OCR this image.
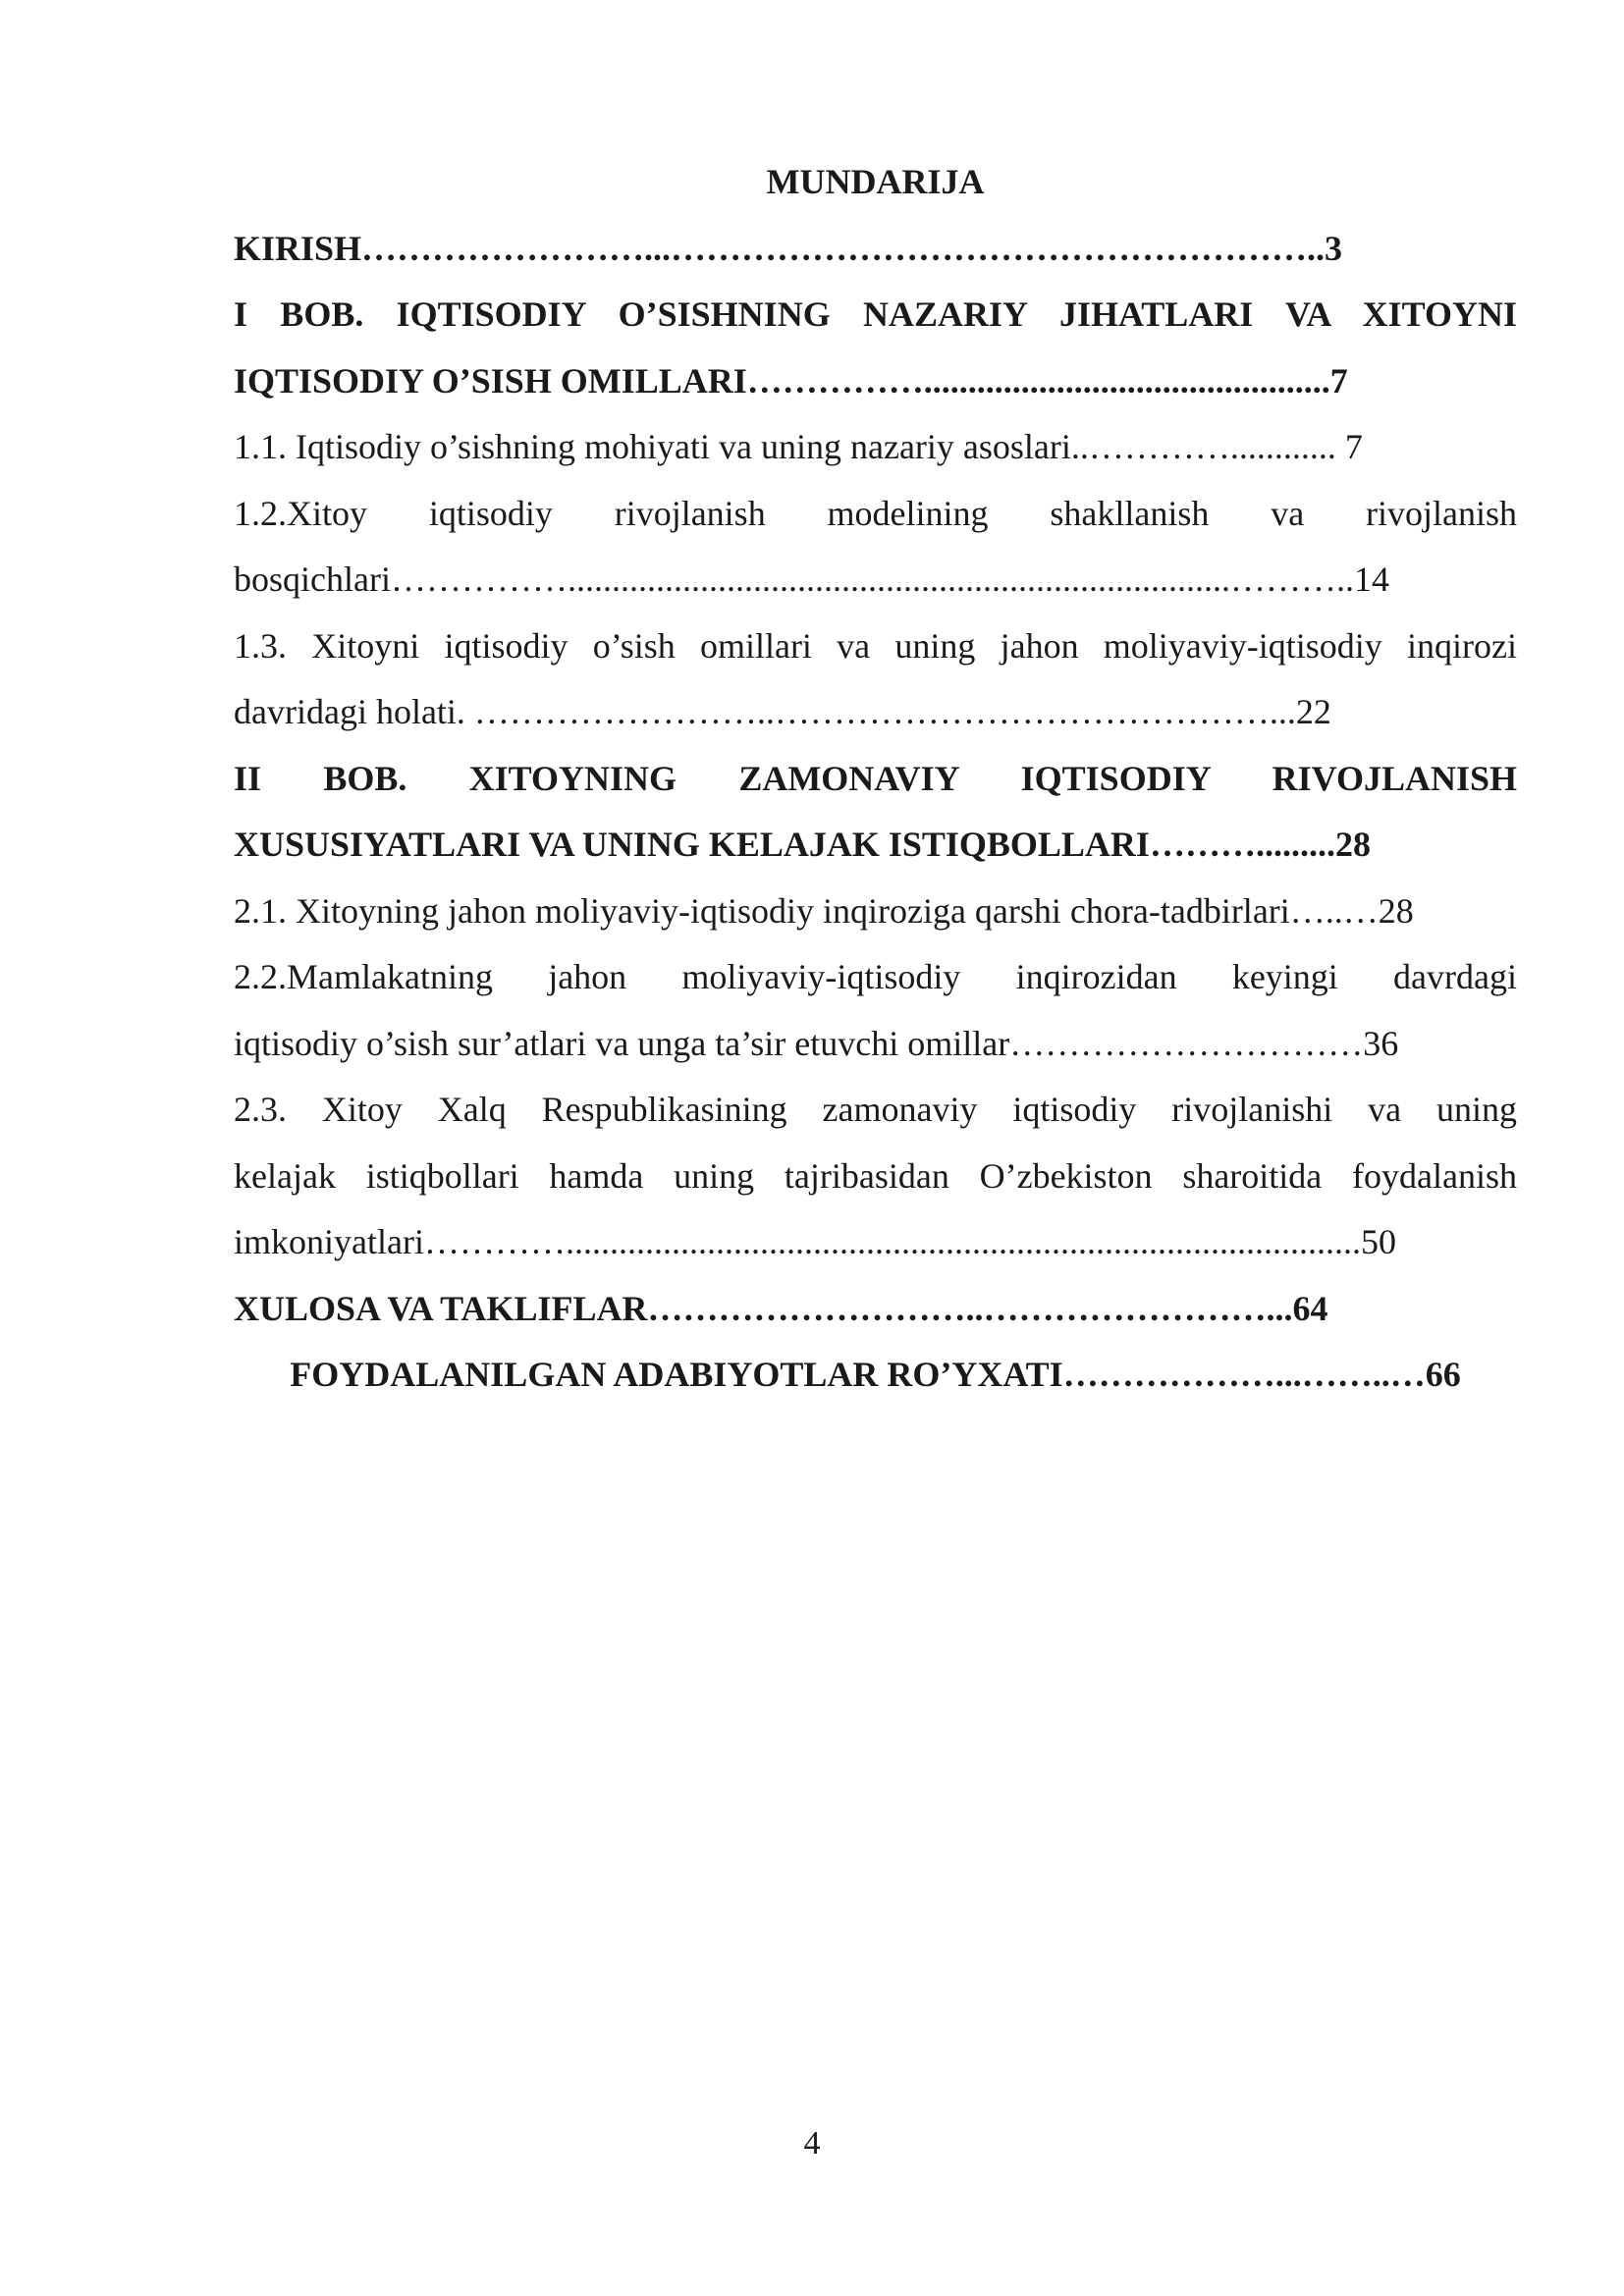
MUNDARIJA
KIRISH……………………...………………………………………………..3
I BOB. IQTISODIY O’SISHNING NAZARIY JIHATLARI VA XITOYNI
IQTISODIY O’SISH OMILLARI……………..............................................7
1.1. Iqtisodiy o’sishning mohiyati va uning nazariy asoslari..…………............ 7
1.2.Xitoy iqtisodiy rivojlanish modelining shakllanish va rivojlanish
bosqichlari……………...........................................................................………..14
1.3. Xitoyni iqtisodiy o’sish omillari va uning jahon moliyaviy-iqtisodiy inqirozi
davridagi holati. ……………………..……………………………………...22
II BOB. XITOYNING ZAMONAVIY IQTISODIY RIVOJLANISH
XUSUSIYATLARI VA UNING KELAJAK ISTIQBOLLARI……….........28
2.1. Xitoyning jahon moliyaviy-iqtisodiy inqiroziga qarshi chora-tadbirlari…..…28
2.2.Mamlakatning jahon moliyaviy-iqtisodiy inqirozidan keyingi davrdagi
iqtisodiy o’sish sur’atlari va unga ta’sir etuvchi omillar…………………………36
2.3. Xitoy Xalq Respublikasining zamonaviy iqtisodiy rivojlanishi va uning
kelajak istiqbollari hamda uning tajribasidan O’zbekiston sharoitida foydalanish
imkoniyatlari…………..........................................................................................50
XULOSA VA TAKLIFLAR………………………..……………………...64
FOYDALANILGAN ADABIYOTLAR RO’YXATI………………...……..…66
4
